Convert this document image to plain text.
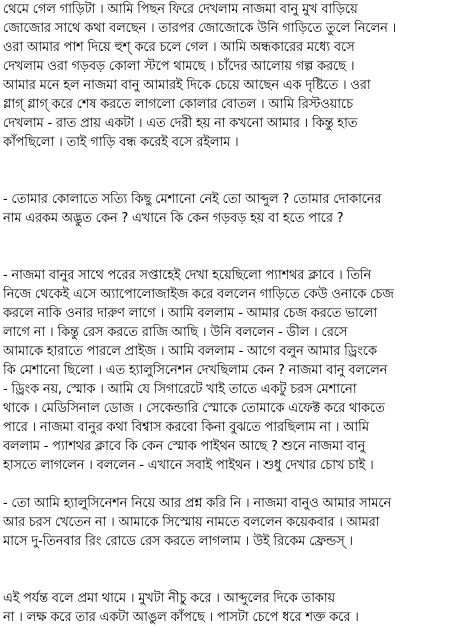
থেমে গেল গাড়িটা । আমি পিছন ফিরে দেখলাম নাজমা বানু মুখ বাড়িয়ে
জোজোর সাথে কথা বলছেন । তারপর জোজোকে উনি গাড়িতে তুলে নিলেন ।
ওরা আমার পাশ দিয়ে হুশ্ করে চলে গেল । আমি অন্ধকারের মধ্যে বসে
দেখলাম ওরা গড়বড় কোলা স্টপে থামছে । চাঁদের আলোয় গল্প করছে ।
আমার মনে হল নাজমা বানু আমারই দিকে চেয়ে আছেন এক দৃষ্টিতে । ওরা
গ্লাগ্ গ্লাগ্ করে শেষ করতে লাগলো কোলার বোতল । আমি রিস্টওয়াচে
দেখলাম - রাত প্রায় একটা । এত দেরী হয় না কখনো আমার । কিন্তু হাত
কাঁপছিলো । তাই গাড়ি বন্ধ করেই বসে রইলাম ।
- তোমার কোলাতে সত্যি কিছু মেশানো নেই তো আব্দুল ? তোমার দোকানের
নাম এরকম অদ্ভুত কেন ? এখানে কি কেন গড়বড় হয় বা হতে পারে ?
- নাজমা বানুর সাথে পরের সপ্তাহেই দেখা হয়েছিলো প্যাশথর ক্লাবে । তিনি
নিজে থেকেই এসে অ্যাপোলোজাইজ করে বললেন গাড়িতে কেউ ওনাকে চেজ
করলে নাকি ওনার দারুণ লাগে । আমি বললাম - আমার চেজ করতে ভালো
লাগে না । কিন্তু রেস করতে রাজি আছি । উনি বললেন - ডীল । রেসে
আমাকে হারাতে পারলে প্রাইজ । আমি বললাম - আগে বলুন আমার ড্রিংকে
কি মেশানো ছিলো । এত হ্যালুসিনেশন দেখছিলাম কেন ? নাজমা বানু বললেন
- ড্রিংক নয়, স্মোক । আমি যে সিগারেটে খাই তাতে একটু চরস মেশানো
থাকে । মেডিসিনাল ডোজ । সেকেন্ডারি স্মোকে তোমাকে এফেক্ট করে থাকতে
পারে । নাজমা বানুর কথা বিশ্বাস করবো কিনা বুঝতে পারছিলাম না । আমি
বললাম - প্যাশথর ক্লাবে কি কেন স্মোক পাইথন আছে ? শুনে নাজমা বানু
হাসতে লাগলেন । বললেন - এখানে সবাই পাইথন । শুধু দেখার চোখ চাই ।
- তো আমি হ্যালুসিনেশন নিয়ে আর প্রশ্ন করি নি । নাজমা বানুও আমার সামনে
আর চরস খেতেন না । আমাকে সিস্মোয় নামতে বললেন কয়েকবার । আমরা
মাসে দু-তিনবার রিং রোডে রেস করতে লাগলাম । উই রিকেম ফ্রেন্ডস্ ।
এই পর্যন্ত বলে প্রমা থামে । মুখটা নীচু করে । আব্দুলের দিকে তাকায়
না । লক্ষ করে তার একটা আঙুল কাঁপছে । পাসটা চেপে ধরে শক্ত করে ।
